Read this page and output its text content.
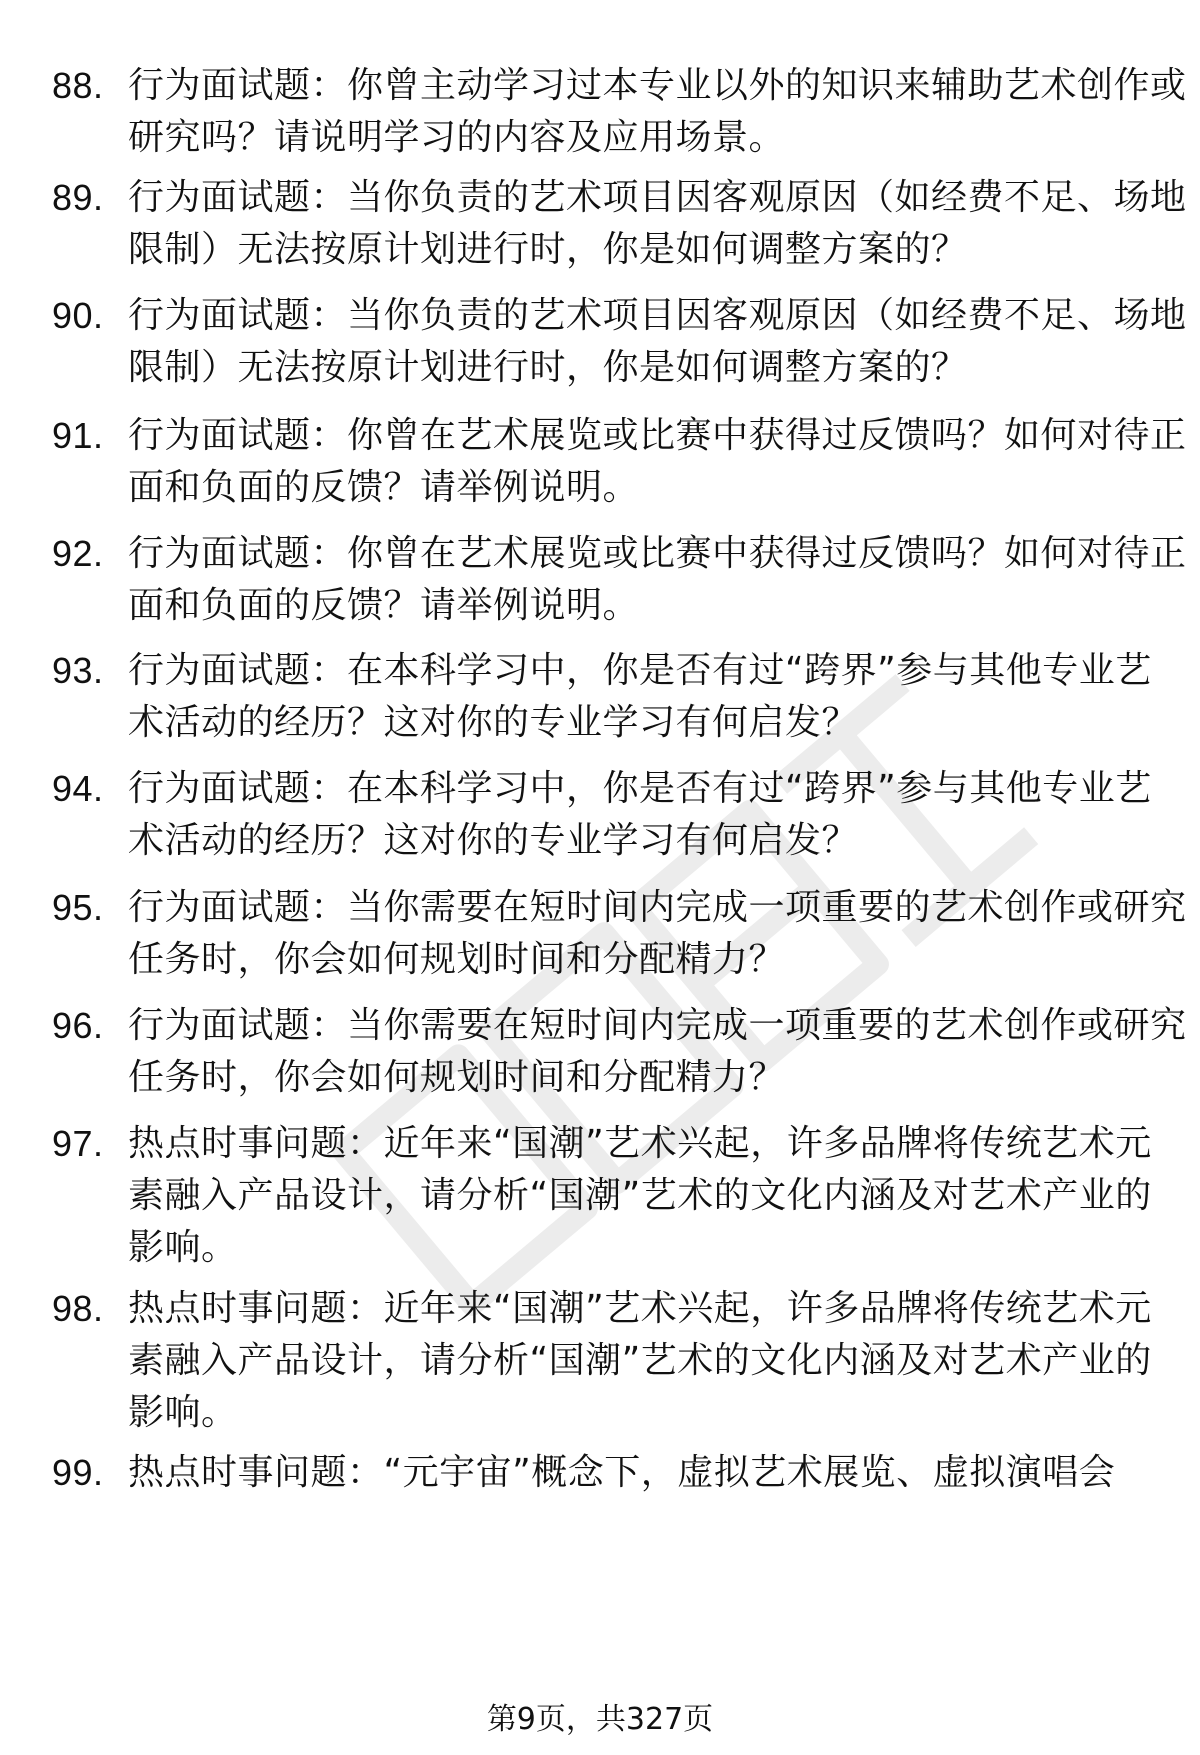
88. 行为面试题：你曾主动学习过本专业以外的知识来辅助艺术创作或研究吗？请说明学习的内容及应用场景。
89. 行为面试题：当你负责的艺术项目因客观原因（如经费不足、场地限制）无法按原计划进行时，你是如何调整方案的？
90. 行为面试题：当你负责的艺术项目因客观原因（如经费不足、场地限制）无法按原计划进行时，你是如何调整方案的？
91. 行为面试题：你曾在艺术展览或比赛中获得过反馈吗？如何对待正面和负面的反馈？请举例说明。
92. 行为面试题：你曾在艺术展览或比赛中获得过反馈吗？如何对待正面和负面的反馈？请举例说明。
93. 行为面试题：在本科学习中，你是否有过“跨界”参与其他专业艺术活动的经历？这对你的专业学习有何启发？
94. 行为面试题：在本科学习中，你是否有过“跨界”参与其他专业艺术活动的经历？这对你的专业学习有何启发？
95. 行为面试题：当你需要在短时间内完成一项重要的艺术创作或研究任务时，你会如何规划时间和分配精力？
96. 行为面试题：当你需要在短时间内完成一项重要的艺术创作或研究任务时，你会如何规划时间和分配精力？
97. 热点时事问题：近年来“国潮”艺术兴起，许多品牌将传统艺术元素融入产品设计，请分析“国潮”艺术的文化内涵及对艺术产业的影响。
98. 热点时事问题：近年来“国潮”艺术兴起，许多品牌将传统艺术元素融入产品设计，请分析“国潮”艺术的文化内涵及对艺术产业的影响。
99. 热点时事问题：“元宇宙”概念下，虚拟艺术展览、虚拟演唱会
第9页，共327页
